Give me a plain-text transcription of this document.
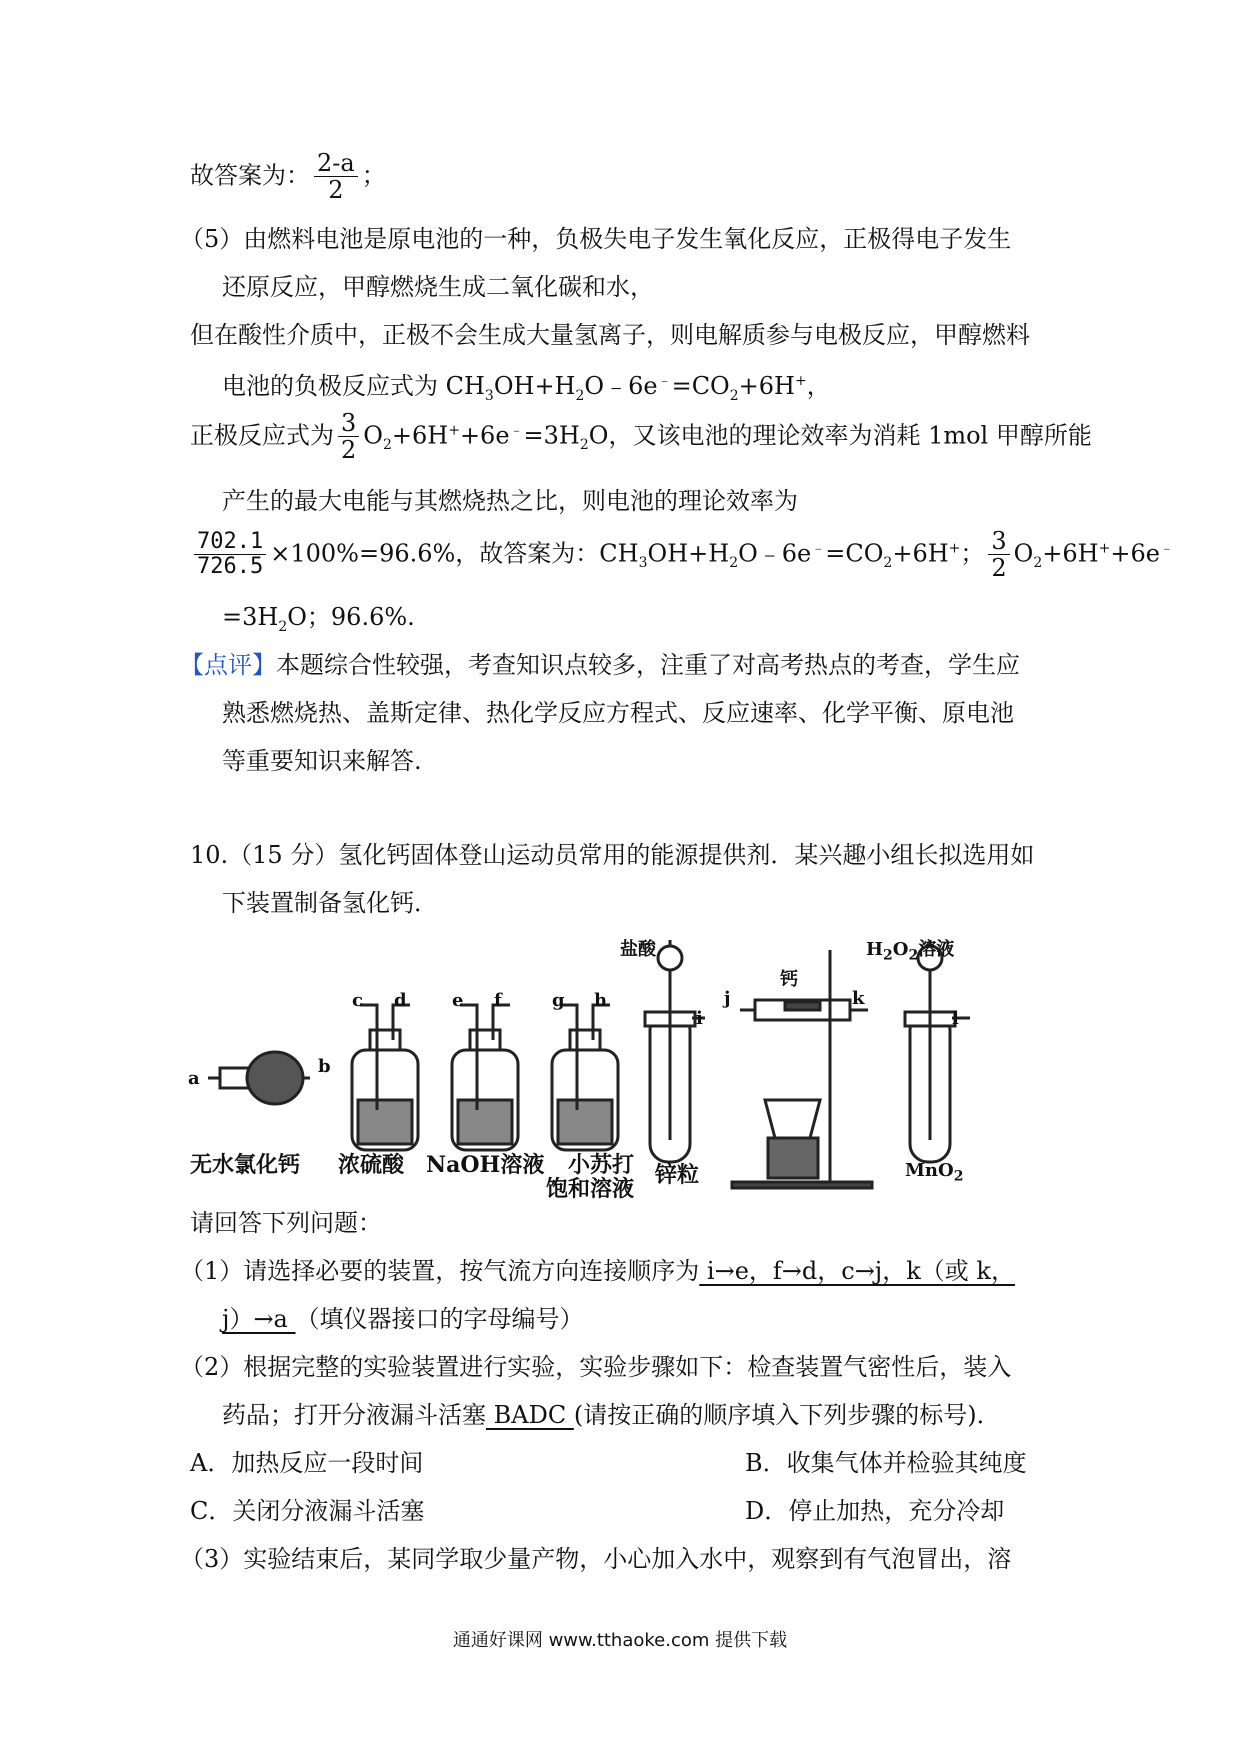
故答案为： $\frac{2-a}{2}$ ；
（5）由燃料电池是原电池的一种，负极失电子发生氧化反应，正极得电子发生
还原反应，甲醇燃烧生成二氧化碳和水，
但在酸性介质中，正极不会生成大量氢离子，则电解质参与电极反应，甲醇燃料
电池的负极反应式为 $CH_3OH+H_2O﹣6e^﹣=CO_2+6H^+$，
正极反应式为 $\frac{3}{2} O_2+6H^++6e^﹣=3H_2O$，又该电池的理论效率为消耗 1mol 甲醇所能
产生的最大电能与其燃烧热之比，则电池的理论效率为
$\frac{702.1}{726.5} \times 100\%=96.6\%$，故答案为：$CH_3OH+H_2O﹣6e^﹣=CO_2+6H^+$； $\frac{3}{2} O_2+6H^++6e^﹣$
$=3H_2O$；96.6%.
【点评】本题综合性较强，考查知识点较多，注重了对高考热点的考查，学生应
熟悉燃烧热、盖斯定律、热化学反应方程式、反应速率、化学平衡、原电池
等重要知识来解答.
10.（15 分）氢化钙固体登山运动员常用的能源提供剂．某兴趣小组长拟选用如
下装置制备氢化钙．
a
b
c d	e f	g h
i
j	k
l
盐酸
钙
$H_2O_2$溶液
无水氯化钙 浓硫酸 NaOH溶液 小苏打
饱和溶液
锌粒	MnO$_2$
请回答下列问题：
（1）请选择必要的装置，按气流方向连接顺序为 i→e，f→d，c→j，k（或 k，
j）→a （填仪器接口的字母编号）
（2）根据完整的实验装置进行实验，实验步骤如下：检查装置气密性后，装入
药品；打开分液漏斗活塞 BADC (请按正确的顺序填入下列步骤的标号)．
A．加热反应一段时间	B．收集气体并检验其纯度
C．关闭分液漏斗活塞	D．停止加热，充分冷却
（3）实验结束后，某同学取少量产物，小心加入水中，观察到有气泡冒出，溶
通通好课网 www.tthaoke.com 提供下载
